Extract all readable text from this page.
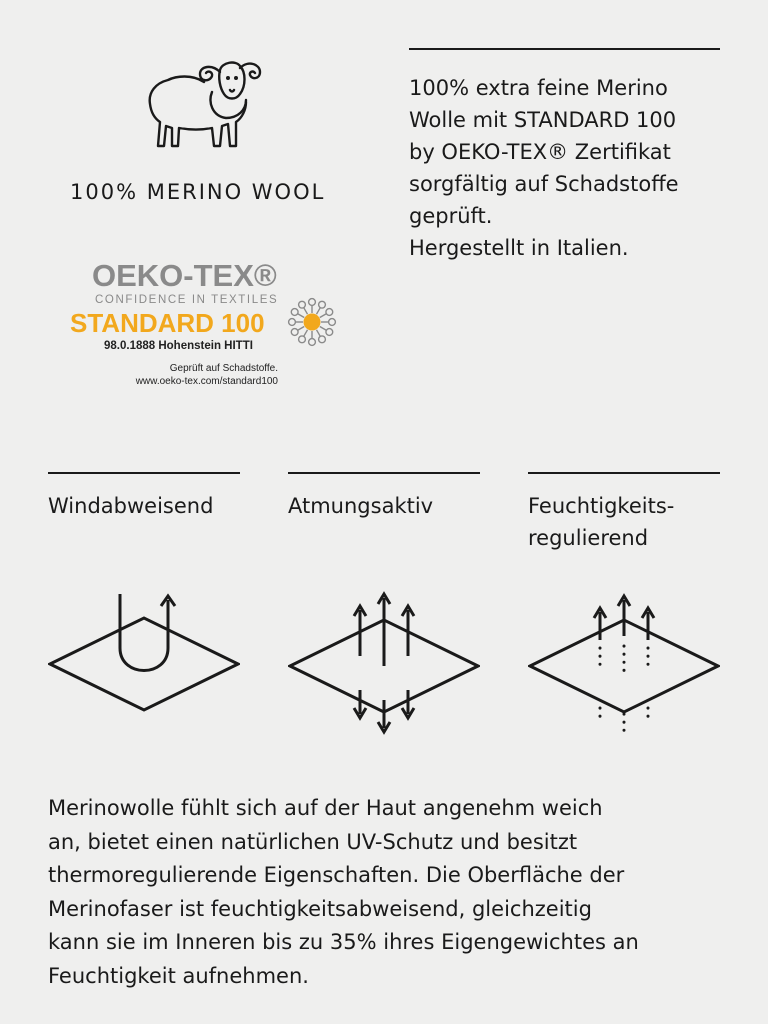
100% MERINO WOOL
OEKO-TEX®
CONFIDENCE IN TEXTILES
STANDARD 100
98.0.1888 Hohenstein HITTI
Geprüft auf Schadstoffe.
www.oeko-tex.com/standard100
100% extra feine Merino
Wolle mit STANDARD 100
by OEKO-TEX® Zertifikat
sorgfältig auf Schadstoffe
geprüft.
Hergestellt in Italien.
Windabweisend	Atmungsaktiv	Feuchtigkeits-
regulierend
Merinowolle fühlt sich auf der Haut angenehm weich
an, bietet einen natürlichen UV-Schutz und besitzt
thermoregulierende Eigenschaften. Die Oberfläche der
Merinofaser ist feuchtigkeitsabweisend, gleichzeitig
kann sie im Inneren bis zu 35% ihres Eigengewichtes an
Feuchtigkeit aufnehmen.
